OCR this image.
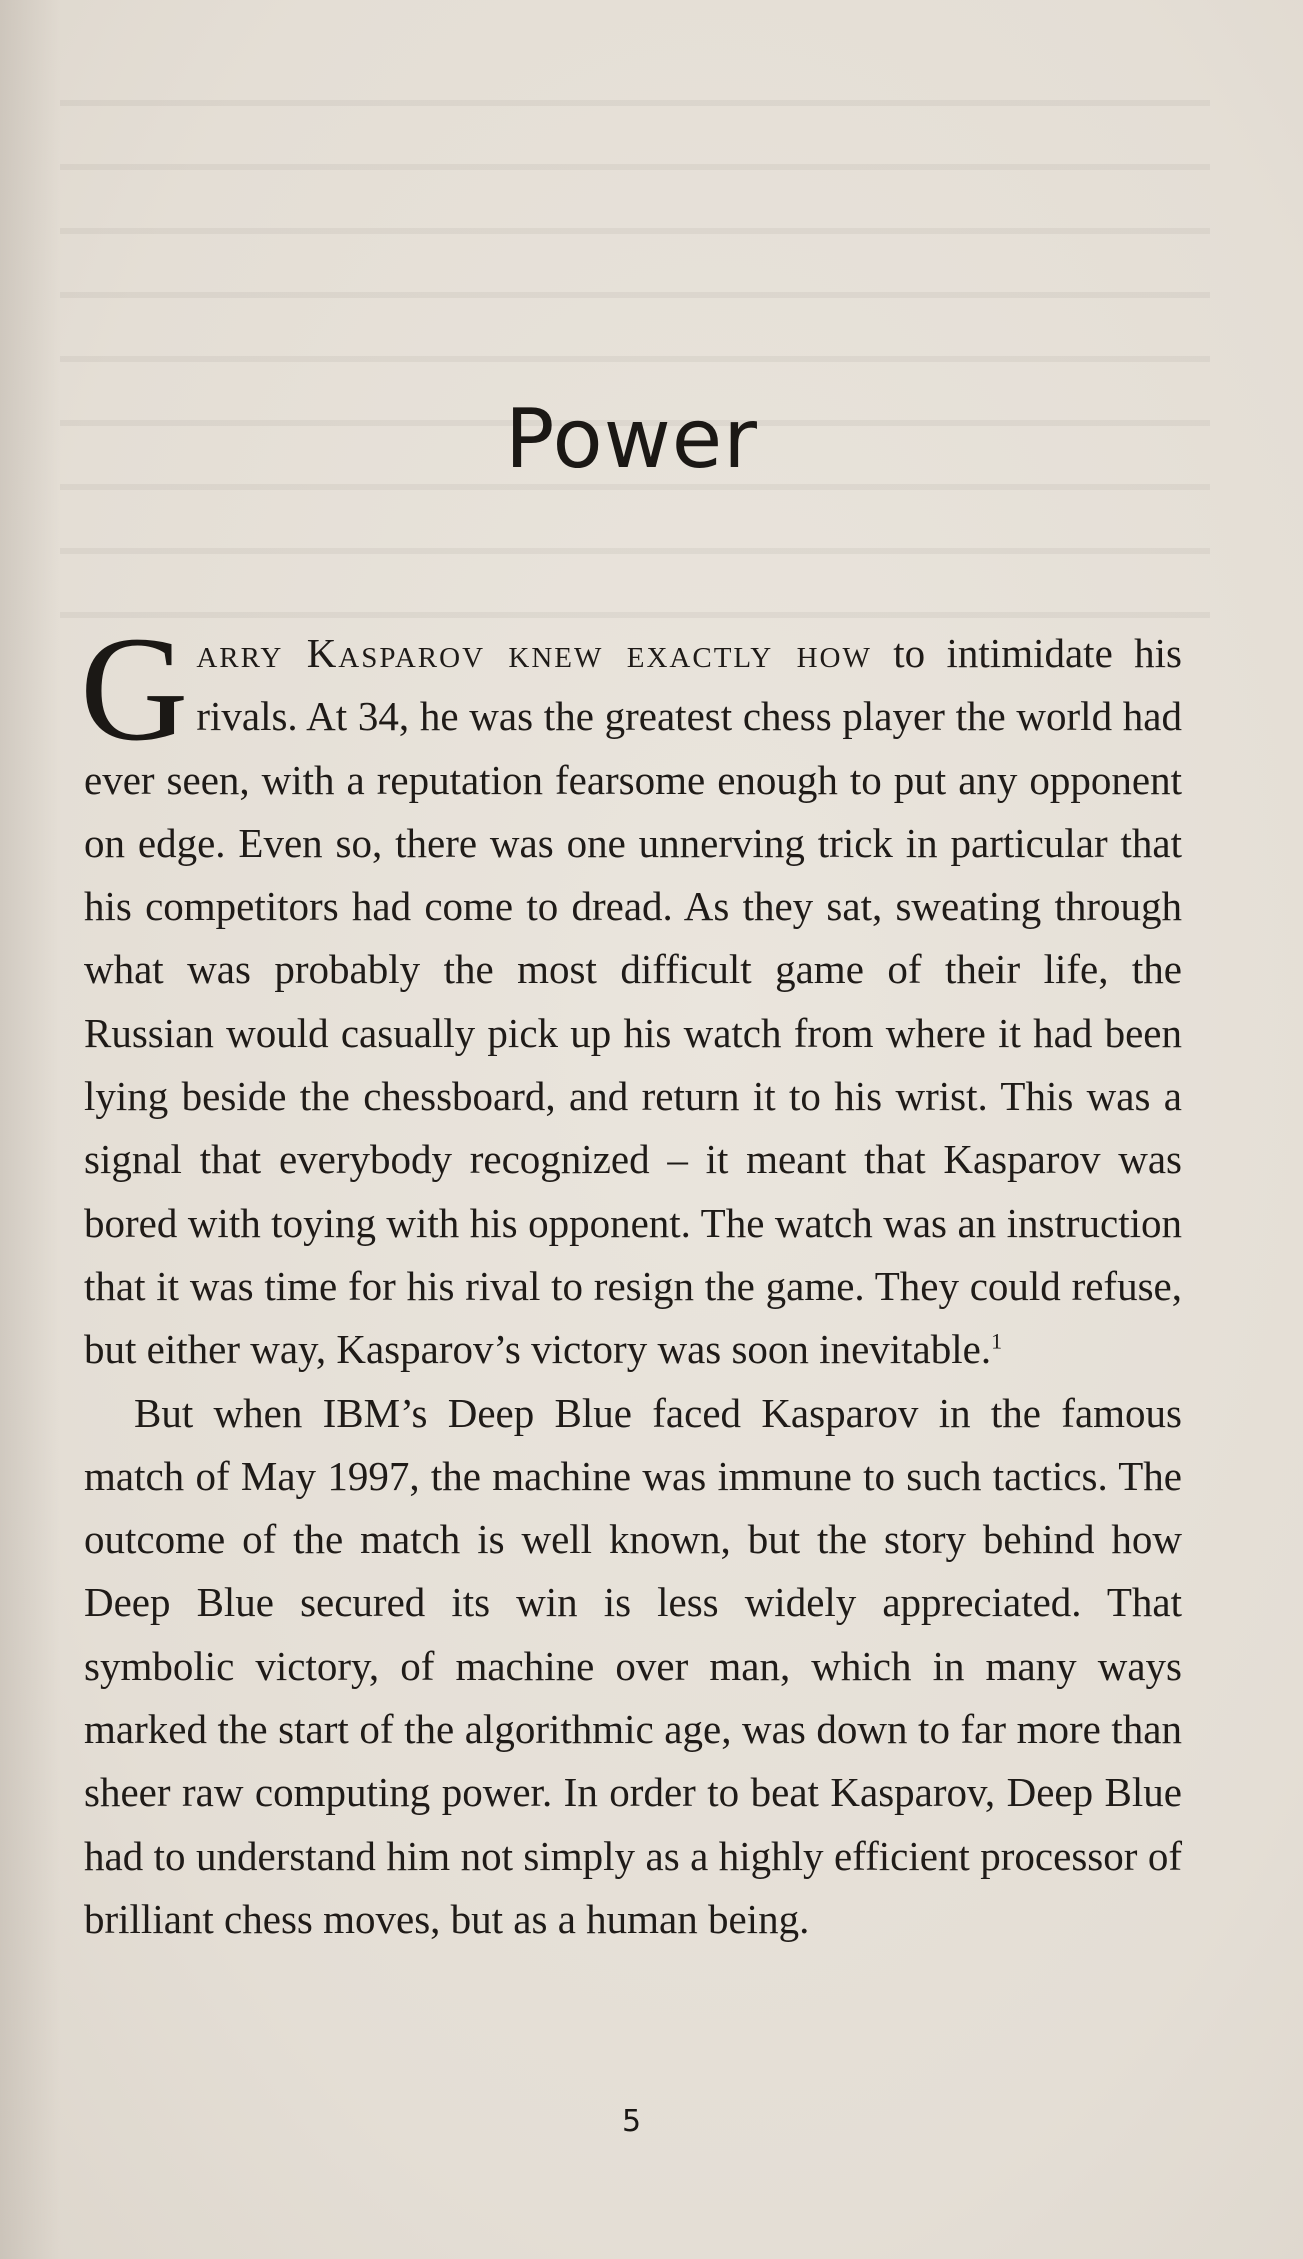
Power

Garry Kasparov knew exactly how to intimidate his rivals. At 34, he was the greatest chess player the world had ever seen, with a reputation fearsome enough to put any opponent on edge. Even so, there was one unnerving trick in particular that his competitors had come to dread. As they sat, sweating through what was probably the most difficult game of their life, the Russian would casually pick up his watch from where it had been lying beside the chessboard, and return it to his wrist. This was a signal that everybody recognized – it meant that Kasparov was bored with toying with his opponent. The watch was an instruction that it was time for his rival to resign the game. They could refuse, but either way, Kasparov’s victory was soon inevitable.$^1$

But when IBM’s Deep Blue faced Kasparov in the famous match of May 1997, the machine was immune to such tactics. The outcome of the match is well known, but the story behind how Deep Blue secured its win is less widely appreciated. That symbolic victory, of machine over man, which in many ways marked the start of the algorithmic age, was down to far more than sheer raw computing power. In order to beat Kasparov, Deep Blue had to understand him not simply as a highly efficient processor of brilliant chess moves, but as a human being.

5
